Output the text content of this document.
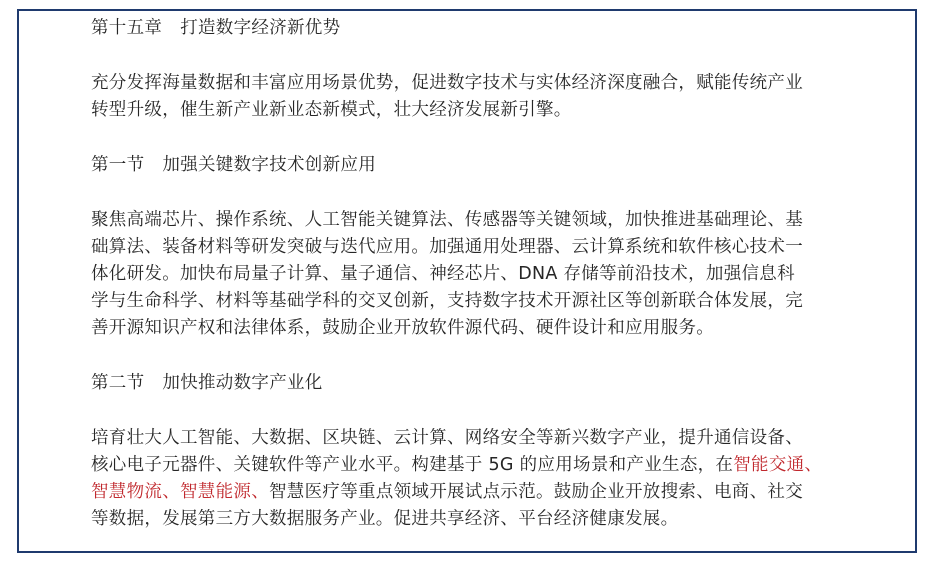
第十五章 打造数字经济新优势
充分发挥海量数据和丰富应用场景优势，促进数字技术与实体经济深度融合，赋能传统产业
转型升级，催生新产业新业态新模式，壮大经济发展新引擎。
第一节 加强关键数字技术创新应用
聚焦高端芯片、操作系统、人工智能关键算法、传感器等关键领域，加快推进基础理论、基
础算法、装备材料等研发突破与迭代应用。加强通用处理器、云计算系统和软件核心技术一
体化研发。加快布局量子计算、量子通信、神经芯片、DNA 存储等前沿技术，加强信息科
学与生命科学、材料等基础学科的交叉创新，支持数字技术开源社区等创新联合体发展，完
善开源知识产权和法律体系，鼓励企业开放软件源代码、硬件设计和应用服务。
第二节 加快推动数字产业化
培育壮大人工智能、大数据、区块链、云计算、网络安全等新兴数字产业，提升通信设备、
核心电子元器件、关键软件等产业水平。构建基于 5G 的应用场景和产业生态，在智能交通、
智慧物流、智慧能源、智慧医疗等重点领域开展试点示范。鼓励企业开放搜索、电商、社交
等数据，发展第三方大数据服务产业。促进共享经济、平台经济健康发展。
